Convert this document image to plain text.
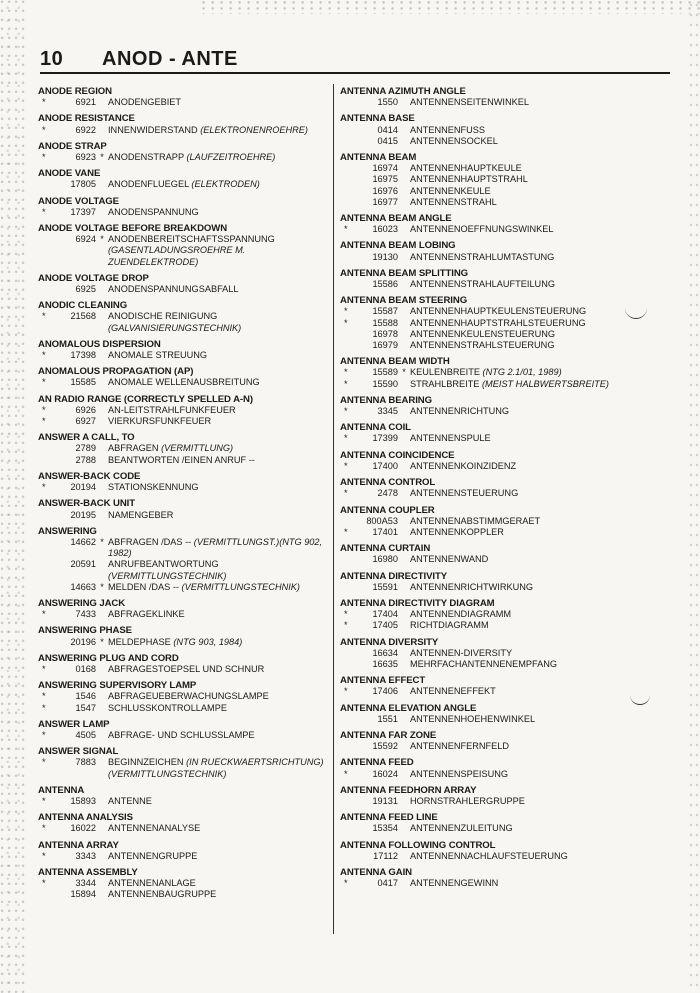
10 ANOD - ANTE
ANODE REGION
*	6921 ANODENGEBIET
ANODE RESISTANCE
*	6922 INNENWIDERSTAND (ELEKTRONENROEHRE)
ANODE STRAP
*	6923 * ANODENSTRAPP (LAUFZEITROEHRE)
ANODE VANE
17805 ANODENFLUEGEL (ELEKTRODEN)
ANODE VOLTAGE
*	17397 ANODENSPANNUNG
ANODE VOLTAGE BEFORE BREAKDOWN
6924 * ANODENBEREITSCHAFTSSPANNUNG (GASENTLADUNGSROEHRE M. ZUENDELEKTRODE)
ANODE VOLTAGE DROP
6925 ANODENSPANNUNGSABFALL
ANODIC CLEANING
*	21568 ANODISCHE REINIGUNG (GALVANISIERUNGSTECHNIK)
ANOMALOUS DISPERSION
*	17398 ANOMALE STREUUNG
ANOMALOUS PROPAGATION (AP)
*	15585 ANOMALE WELLENAUSBREITUNG
AN RADIO RANGE (CORRECTLY SPELLED A-N)
*	6926 AN-LEITSTRAHLFUNKFEUER
*	6927 VIERKURSFUNKFEUER
ANSWER A CALL, TO
2789 ABFRAGEN (VERMITTLUNG)
2788 BEANTWORTEN /EINEN ANRUF --
ANSWER-BACK CODE
*	20194 STATIONSKENNUNG
ANSWER-BACK UNIT
20195 NAMENGEBER
ANSWERING
14662 * ABFRAGEN /DAS -- (VERMITTLUNGST.)(NTG 902, 1982)
20591 ANRUFBEANTWORTUNG (VERMITTLUNGSTECHNIK)
14663 * MELDEN /DAS -- (VERMITTLUNGSTECHNIK)
ANSWERING JACK
*	7433 ABFRAGEKLINKE
ANSWERING PHASE
20196 * MELDEPHASE (NTG 903, 1984)
ANSWERING PLUG AND CORD
*	0168 ABFRAGESTOEPSEL UND SCHNUR
ANSWERING SUPERVISORY LAMP
*	1546 ABFRAGEUEBERWACHUNGSLAMPE
*	1547 SCHLUSSKONTROLLAMPE
ANSWER LAMP
*	4505 ABFRAGE- UND SCHLUSSLAMPE
ANSWER SIGNAL
*	7883 BEGINNZEICHEN (IN RUECKWAERTSRICHTUNG) (VERMITTLUNGSTECHNIK)
ANTENNA
*	15893 ANTENNE
ANTENNA ANALYSIS
*	16022 ANTENNENANALYSE
ANTENNA ARRAY
*	3343 ANTENNENGRUPPE
ANTENNA ASSEMBLY
*	3344 ANTENNENANLAGE
15894 ANTENNENBAUGRUPPE
ANTENNA AZIMUTH ANGLE
1550 ANTENNENSEITENWINKEL
ANTENNA BASE
0414 ANTENNENFUSS
0415 ANTENNENSOCKEL
ANTENNA BEAM
16974 ANTENNENHAUPTKEULE
16975 ANTENNENHAUPTSTRAHL
16976 ANTENNENKEULE
16977 ANTENNENSTRAHL
ANTENNA BEAM ANGLE
*	16023 ANTENNENOEFFNUNGSWINKEL
ANTENNA BEAM LOBING
19130 ANTENNENSTRAHLUMTASTUNG
ANTENNA BEAM SPLITTING
15586 ANTENNENSTRAHLAUFTEILUNG
ANTENNA BEAM STEERING
*	15587 ANTENNENHAUPTKEULENSTEUERUNG
*	15588 ANTENNENHAUPTSTRAHLSTEUERUNG
16978 ANTENNENKEULENSTEUERUNG
16979 ANTENNENSTRAHLSTEUERUNG
ANTENNA BEAM WIDTH
*	15589 * KEULENBREITE (NTG 2.1/01, 1989)
*	15590 STRAHLBREITE (MEIST HALBWERTSBREITE)
ANTENNA BEARING
*	3345 ANTENNENRICHTUNG
ANTENNA COIL
*	17399 ANTENNENSPULE
ANTENNA COINCIDENCE
*	17400 ANTENNENKOINZIDENZ
ANTENNA CONTROL
*	2478 ANTENNENSTEUERUNG
ANTENNA COUPLER
800A53 ANTENNENABSTIMMGERAET
*	17401 ANTENNENKOPPLER
ANTENNA CURTAIN
16980 ANTENNENWAND
ANTENNA DIRECTIVITY
15591 ANTENNENRICHTWIRKUNG
ANTENNA DIRECTIVITY DIAGRAM
*	17404 ANTENNENDIAGRAMM
*	17405 RICHTDIAGRAMM
ANTENNA DIVERSITY
16634 ANTENNEN-DIVERSITY
16635 MEHRFACHANTENNENEMPFANG
ANTENNA EFFECT
*	17406 ANTENNENEFFEKT
ANTENNA ELEVATION ANGLE
1551 ANTENNENHOEHENWINKEL
ANTENNA FAR ZONE
15592 ANTENNENFERNFELD
ANTENNA FEED
*	16024 ANTENNENSPEISUNG
ANTENNA FEEDHORN ARRAY
19131 HORNSTRAHLERGRUPPE
ANTENNA FEED LINE
15354 ANTENNENZULEITUNG
ANTENNA FOLLOWING CONTROL
17112 ANTENNENNACHLAUFSTEUERUNG
ANTENNA GAIN
*	0417 ANTENNENGEWINN
